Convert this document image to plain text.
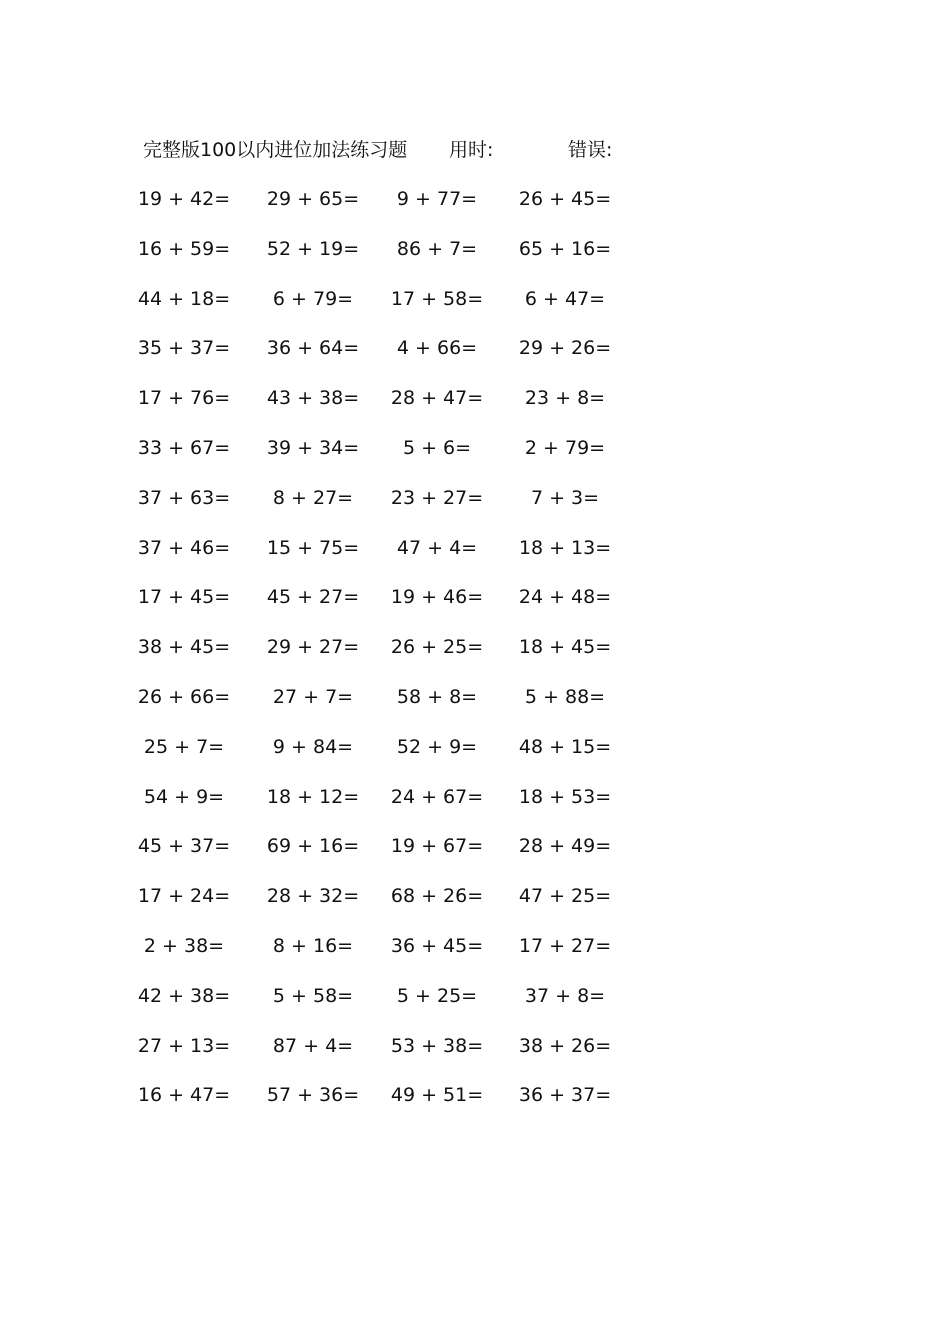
完整版100以内进位加法练习题 用时:	错误:
19 + 42=	29 + 65=	9 + 77=	26 + 45=
16 + 59=	52 + 19=	86 + 7=	65 + 16=
44 + 18=	6 + 79=	17 + 58=	6 + 47=
35 + 37=	36 + 64=	4 + 66=	29 + 26=
17 + 76=	43 + 38=	28 + 47=	23 + 8=
33 + 67=	39 + 34=	5 + 6=	2 + 79=
37 + 63=	8 + 27=	23 + 27=	7 + 3=
37 + 46=	15 + 75=	47 + 4=	18 + 13=
17 + 45=	45 + 27=	19 + 46=	24 + 48=
38 + 45=	29 + 27=	26 + 25=	18 + 45=
26 + 66=	27 + 7=	58 + 8=	5 + 88=
25 + 7=	9 + 84=	52 + 9=	48 + 15=
54 + 9=	18 + 12=	24 + 67=	18 + 53=
45 + 37=	69 + 16=	19 + 67=	28 + 49=
17 + 24=	28 + 32=	68 + 26=	47 + 25=
2 + 38=	8 + 16=	36 + 45=	17 + 27=
42 + 38=	5 + 58=	5 + 25=	37 + 8=
27 + 13=	87 + 4=	53 + 38=	38 + 26=
16 + 47=	57 + 36=	49 + 51=	36 + 37=
